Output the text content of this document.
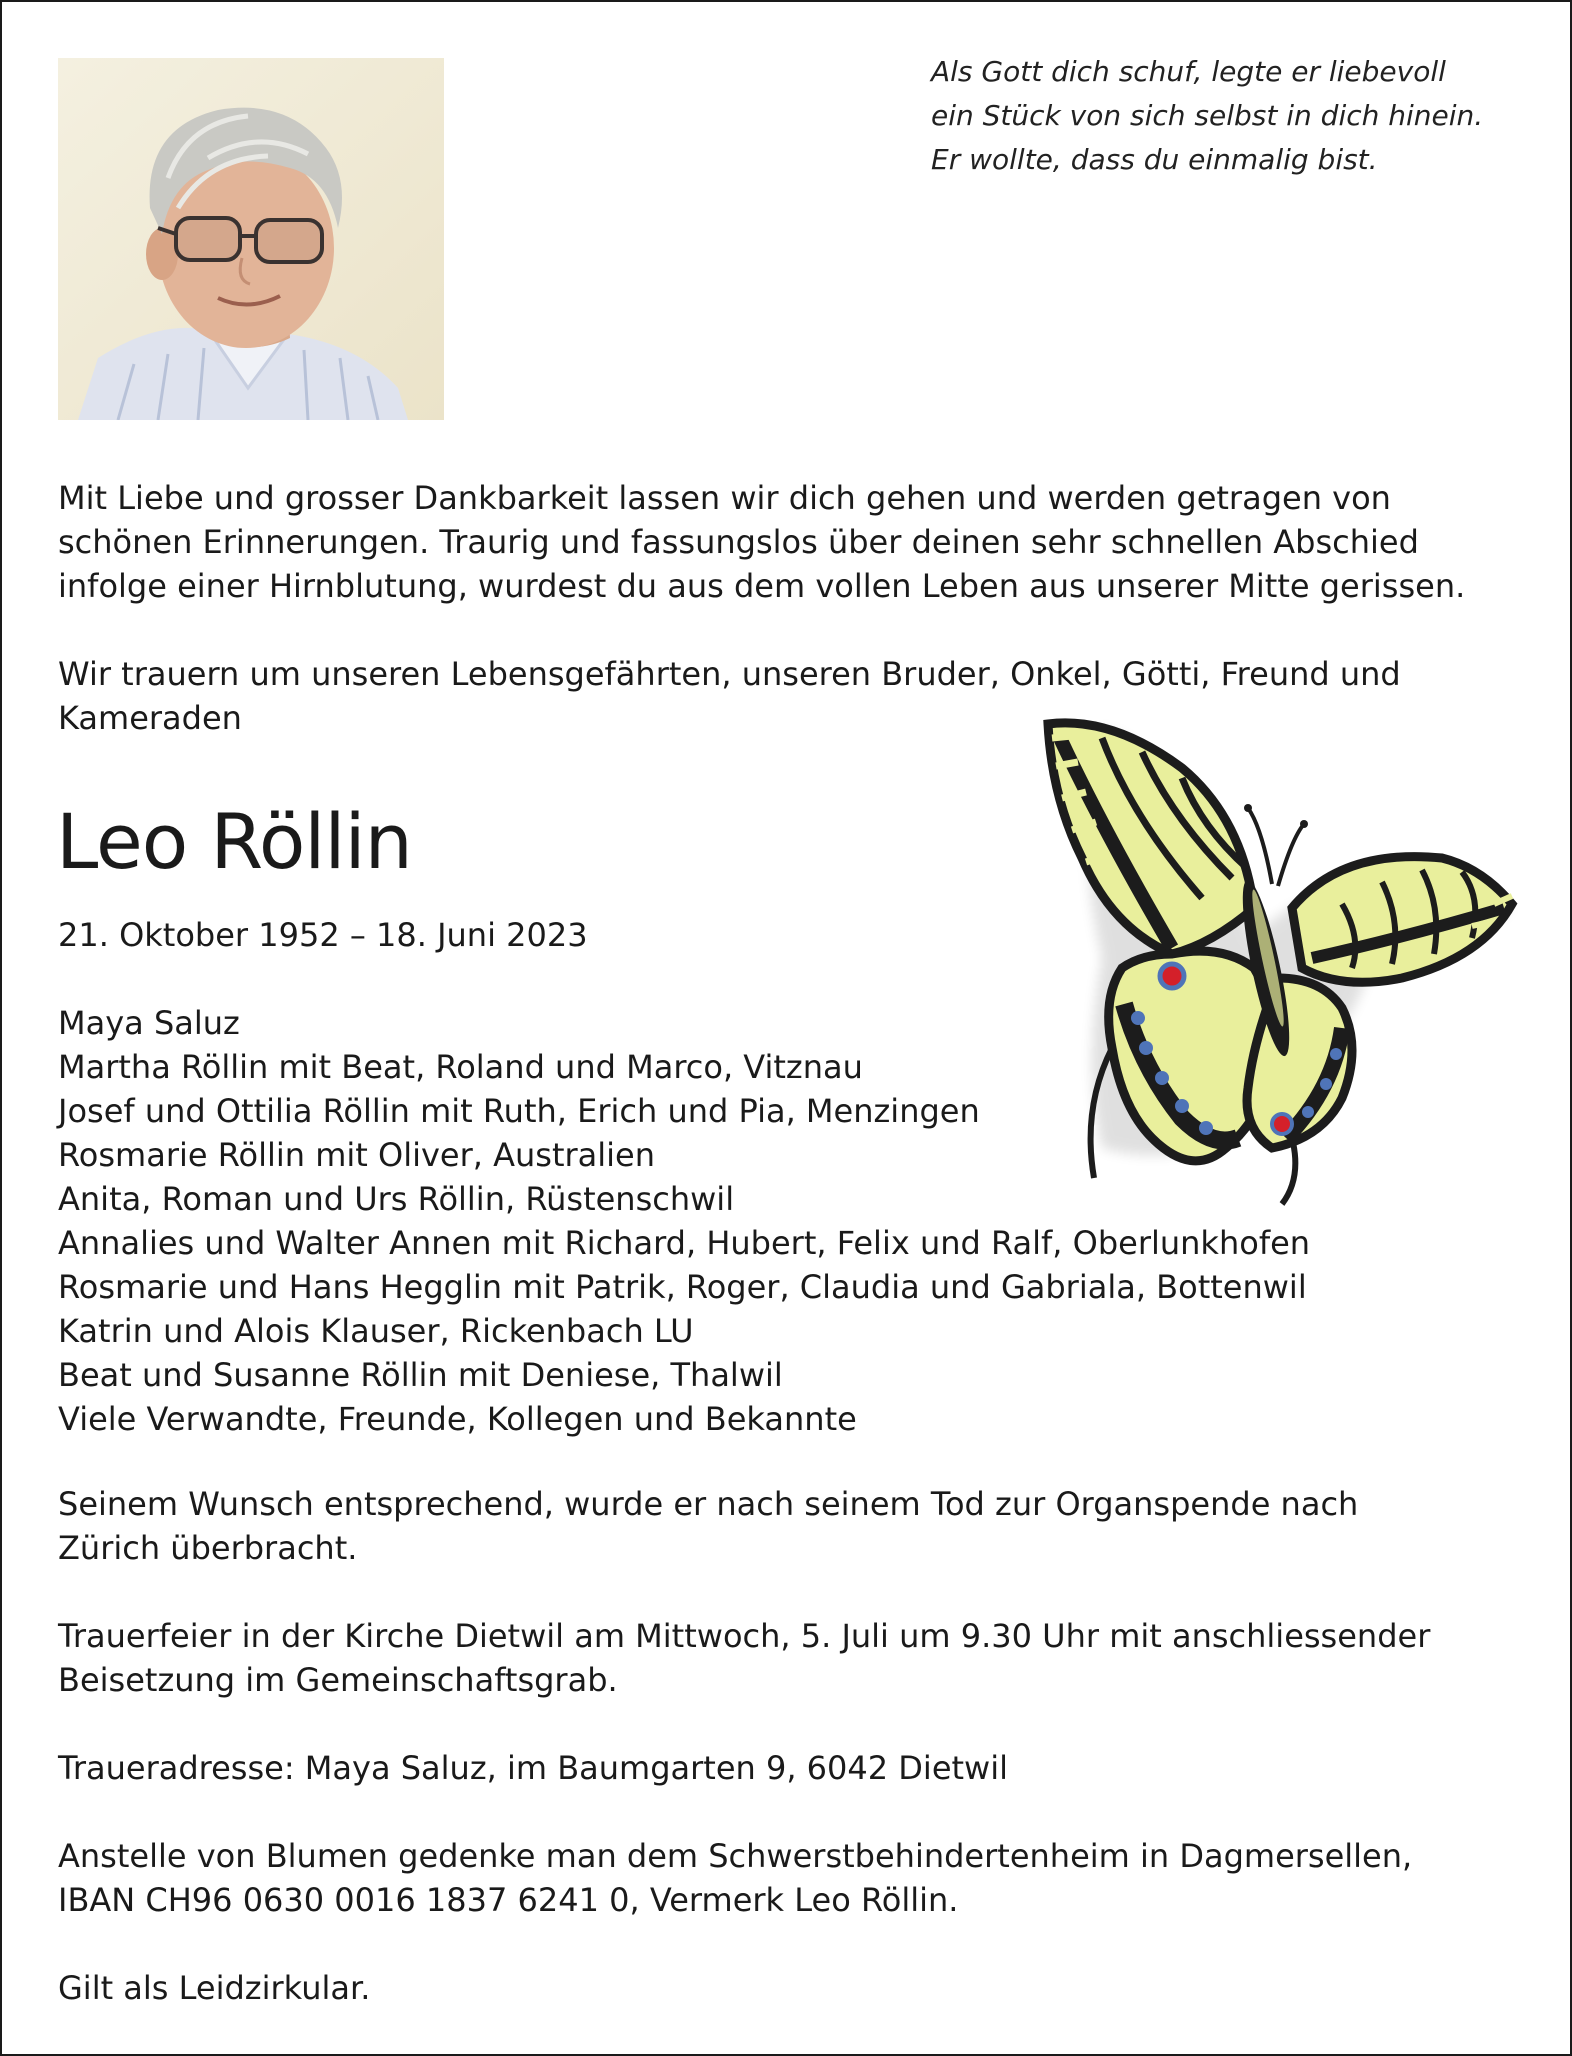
Als Gott dich schuf, legte er liebevoll
ein Stück von sich selbst in dich hinein.
Er wollte, dass du einmalig bist.
Mit Liebe und grosser Dankbarkeit lassen wir dich gehen und werden getragen von
schönen Erinnerungen. Traurig und fassungslos über deinen sehr schnellen Abschied
infolge einer Hirnblutung, wurdest du aus dem vollen Leben aus unserer Mitte gerissen.
Wir trauern um unseren Lebensgefährten, unseren Bruder, Onkel, Götti, Freund und
Kameraden
Leo Röllin
21. Oktober 1952 – 18. Juni 2023
Maya Saluz
Martha Röllin mit Beat, Roland und Marco, Vitznau
Josef und Ottilia Röllin mit Ruth, Erich und Pia, Menzingen
Rosmarie Röllin mit Oliver, Australien
Anita, Roman und Urs Röllin, Rüstenschwil
Annalies und Walter Annen mit Richard, Hubert, Felix und Ralf, Oberlunkhofen
Rosmarie und Hans Hegglin mit Patrik, Roger, Claudia und Gabriala, Bottenwil
Katrin und Alois Klauser, Rickenbach LU
Beat und Susanne Röllin mit Deniese, Thalwil
Viele Verwandte, Freunde, Kollegen und Bekannte
Seinem Wunsch entsprechend, wurde er nach seinem Tod zur Organspende nach
Zürich überbracht.
Trauerfeier in der Kirche Dietwil am Mittwoch, 5. Juli um 9.30 Uhr mit anschliessender
Beisetzung im Gemeinschaftsgrab.
Traueradresse: Maya Saluz, im Baumgarten 9, 6042 Dietwil
Anstelle von Blumen gedenke man dem Schwerstbehindertenheim in Dagmersellen,
IBAN CH96 0630 0016 1837 6241 0, Vermerk Leo Röllin.
Gilt als Leidzirkular.
